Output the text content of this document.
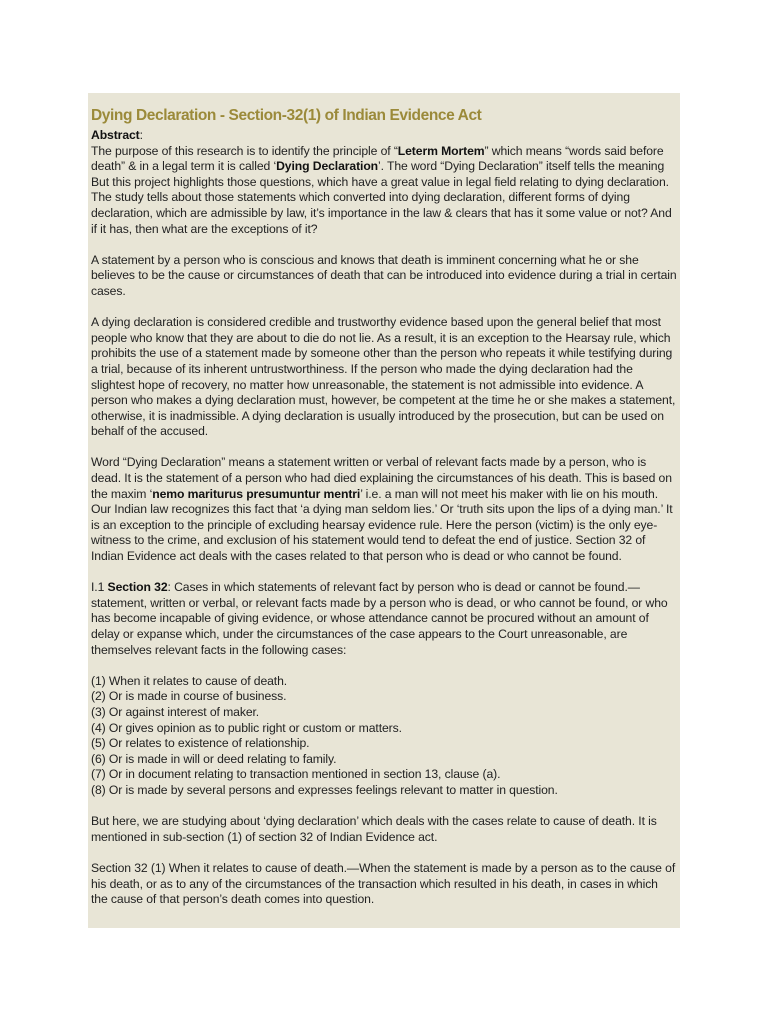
Dying Declaration - Section-32(1) of Indian Evidence Act

Abstract:

The purpose of this research is to identify the principle of “Leterm Mortem” which means “words said before death” & in a legal term it is called ‘Dying Declaration’. The word “Dying Declaration” itself tells the meaning But this project highlights those questions, which have a great value in legal field relating to dying declaration. The study tells about those statements which converted into dying declaration, different forms of dying declaration, which are admissible by law, it’s importance in the law & clears that has it some value or not? And if it has, then what are the exceptions of it?

A statement by a person who is conscious and knows that death is imminent concerning what he or she believes to be the cause or circumstances of death that can be introduced into evidence during a trial in certain cases.

A dying declaration is considered credible and trustworthy evidence based upon the general belief that most people who know that they are about to die do not lie. As a result, it is an exception to the Hearsay rule, which prohibits the use of a statement made by someone other than the person who repeats it while testifying during a trial, because of its inherent untrustworthiness. If the person who made the dying declaration had the slightest hope of recovery, no matter how unreasonable, the statement is not admissible into evidence. A person who makes a dying declaration must, however, be competent at the time he or she makes a statement, otherwise, it is inadmissible. A dying declaration is usually introduced by the prosecution, but can be used on behalf of the accused.

Word “Dying Declaration” means a statement written or verbal of relevant facts made by a person, who is dead. It is the statement of a person who had died explaining the circumstances of his death. This is based on the maxim ‘nemo mariturus presumuntur mentri’ i.e. a man will not meet his maker with lie on his mouth. Our Indian law recognizes this fact that ‘a dying man seldom lies.’ Or ‘truth sits upon the lips of a dying man.’ It is an exception to the principle of excluding hearsay evidence rule. Here the person (victim) is the only eye-witness to the crime, and exclusion of his statement would tend to defeat the end of justice. Section 32 of Indian Evidence act deals with the cases related to that person who is dead or who cannot be found.

I.1 Section 32: Cases in which statements of relevant fact by person who is dead or cannot be found.—statement, written or verbal, or relevant facts made by a person who is dead, or who cannot be found, or who has become incapable of giving evidence, or whose attendance cannot be procured without an amount of delay or expanse which, under the circumstances of the case appears to the Court unreasonable, are themselves relevant facts in the following cases:

(1) When it relates to cause of death.

(2) Or is made in course of business.

(3) Or against interest of maker.

(4) Or gives opinion as to public right or custom or matters.

(5) Or relates to existence of relationship.

(6) Or is made in will or deed relating to family.

(7) Or in document relating to transaction mentioned in section 13, clause (a).

(8) Or is made by several persons and expresses feelings relevant to matter in question.

But here, we are studying about ‘dying declaration’ which deals with the cases relate to cause of death. It is mentioned in sub-section (1) of section 32 of Indian Evidence act.

Section 32 (1) When it relates to cause of death.—When the statement is made by a person as to the cause of his death, or as to any of the circumstances of the transaction which resulted in his death, in cases in which the cause of that person’s death comes into question.
